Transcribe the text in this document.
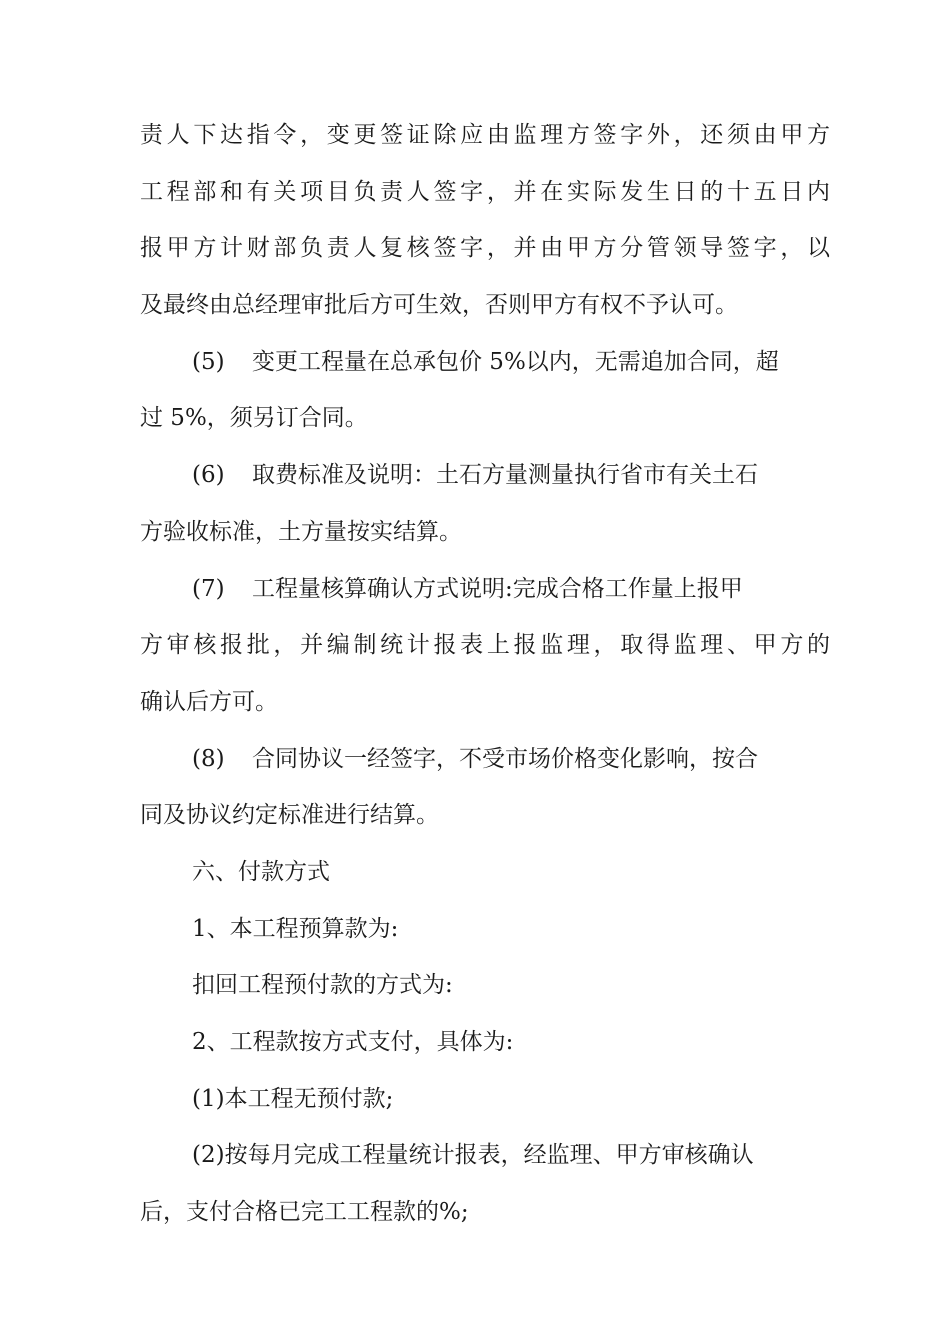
责人下达指令，变更签证除应由监理方签字外，还须由甲方
工程部和有关项目负责人签字，并在实际发生日的十五日内
报甲方计财部负责人复核签字，并由甲方分管领导签字，以
及最终由总经理审批后方可生效，否则甲方有权不予认可。
(5) 变更工程量在总承包价 5%以内，无需追加合同，超
过 5%，须另订合同。
(6) 取费标准及说明：土石方量测量执行省市有关土石
方验收标准，土方量按实结算。
(7) 工程量核算确认方式说明:完成合格工作量上报甲
方审核报批，并编制统计报表上报监理，取得监理、甲方的
确认后方可。
(8) 合同协议一经签字，不受市场价格变化影响，按合
同及协议约定标准进行结算。
六、付款方式
1、本工程预算款为:
扣回工程预付款的方式为:
2、工程款按方式支付，具体为:
(1)本工程无预付款;
(2)按每月完成工程量统计报表，经监理、甲方审核确认
后，支付合格已完工工程款的%;
